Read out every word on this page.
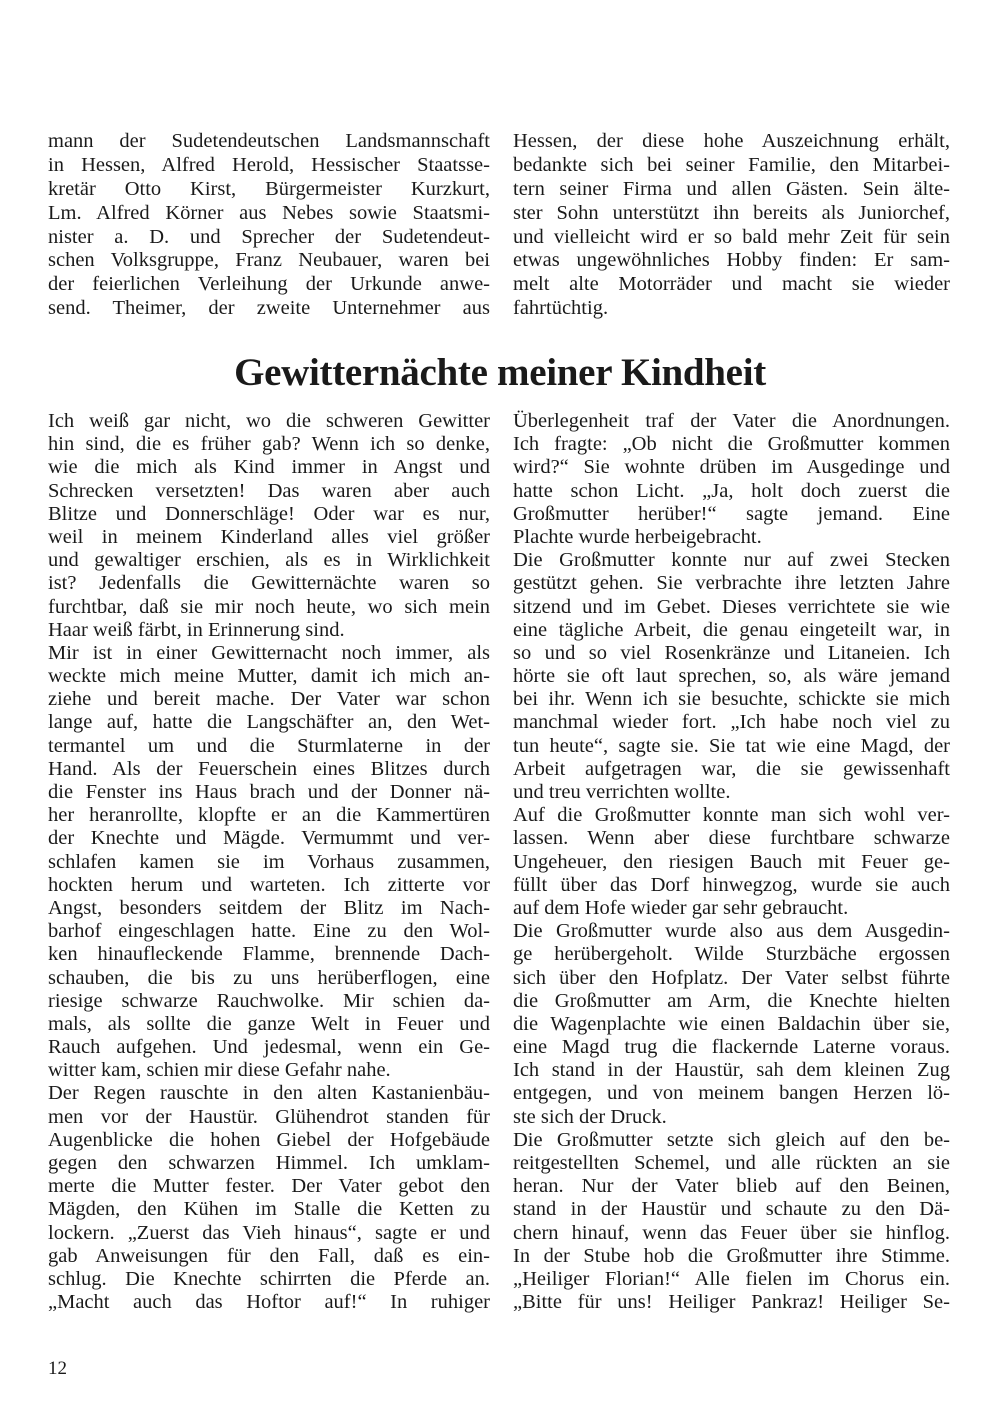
mann der Sudetendeutschen Landsmannschaft
in Hessen, Alfred Herold, Hessischer Staatsse-
kretär Otto Kirst, Bürgermeister Kurzkurt,
Lm. Alfred Körner aus Nebes sowie Staatsmi-
nister a. D. und Sprecher der Sudetendeut-
schen Volksgruppe, Franz Neubauer, waren bei
der feierlichen Verleihung der Urkunde anwe-
send. Theimer, der zweite Unternehmer aus
Hessen, der diese hohe Auszeichnung erhält,
bedankte sich bei seiner Familie, den Mitarbei-
tern seiner Firma und allen Gästen. Sein älte-
ster Sohn unterstützt ihn bereits als Juniorchef,
und vielleicht wird er so bald mehr Zeit für sein
etwas ungewöhnliches Hobby finden: Er sam-
melt alte Motorräder und macht sie wieder
fahrtüchtig.
Gewitternächte meiner Kindheit
Ich weiß gar nicht, wo die schweren Gewitter
hin sind, die es früher gab? Wenn ich so denke,
wie die mich als Kind immer in Angst und
Schrecken versetzten! Das waren aber auch
Blitze und Donnerschläge! Oder war es nur,
weil in meinem Kinderland alles viel größer
und gewaltiger erschien, als es in Wirklichkeit
ist? Jedenfalls die Gewitternächte waren so
furchtbar, daß sie mir noch heute, wo sich mein
Haar weiß färbt, in Erinnerung sind.
Mir ist in einer Gewitternacht noch immer, als
weckte mich meine Mutter, damit ich mich an-
ziehe und bereit mache. Der Vater war schon
lange auf, hatte die Langschäfter an, den Wet-
termantel um und die Sturmlaterne in der
Hand. Als der Feuerschein eines Blitzes durch
die Fenster ins Haus brach und der Donner nä-
her heranrollte, klopfte er an die Kammertüren
der Knechte und Mägde. Vermummt und ver-
schlafen kamen sie im Vorhaus zusammen,
hockten herum und warteten. Ich zitterte vor
Angst, besonders seitdem der Blitz im Nach-
barhof eingeschlagen hatte. Eine zu den Wol-
ken hinaufleckende Flamme, brennende Dach-
schauben, die bis zu uns herüberflogen, eine
riesige schwarze Rauchwolke. Mir schien da-
mals, als sollte die ganze Welt in Feuer und
Rauch aufgehen. Und jedesmal, wenn ein Ge-
witter kam, schien mir diese Gefahr nahe.
Der Regen rauschte in den alten Kastanienbäu-
men vor der Haustür. Glühendrot standen für
Augenblicke die hohen Giebel der Hofgebäude
gegen den schwarzen Himmel. Ich umklam-
merte die Mutter fester. Der Vater gebot den
Mägden, den Kühen im Stalle die Ketten zu
lockern. „Zuerst das Vieh hinaus“, sagte er und
gab Anweisungen für den Fall, daß es ein-
schlug. Die Knechte schirrten die Pferde an.
„Macht auch das Hoftor auf!“ In ruhiger
Überlegenheit traf der Vater die Anordnungen.
Ich fragte: „Ob nicht die Großmutter kommen
wird?“ Sie wohnte drüben im Ausgedinge und
hatte schon Licht. „Ja, holt doch zuerst die
Großmutter herüber!“ sagte jemand. Eine
Plachte wurde herbeigebracht.
Die Großmutter konnte nur auf zwei Stecken
gestützt gehen. Sie verbrachte ihre letzten Jahre
sitzend und im Gebet. Dieses verrichtete sie wie
eine tägliche Arbeit, die genau eingeteilt war, in
so und so viel Rosenkränze und Litaneien. Ich
hörte sie oft laut sprechen, so, als wäre jemand
bei ihr. Wenn ich sie besuchte, schickte sie mich
manchmal wieder fort. „Ich habe noch viel zu
tun heute“, sagte sie. Sie tat wie eine Magd, der
Arbeit aufgetragen war, die sie gewissenhaft
und treu verrichten wollte.
Auf die Großmutter konnte man sich wohl ver-
lassen. Wenn aber diese furchtbare schwarze
Ungeheuer, den riesigen Bauch mit Feuer ge-
füllt über das Dorf hinwegzog, wurde sie auch
auf dem Hofe wieder gar sehr gebraucht.
Die Großmutter wurde also aus dem Ausgedin-
ge herübergeholt. Wilde Sturzbäche ergossen
sich über den Hofplatz. Der Vater selbst führte
die Großmutter am Arm, die Knechte hielten
die Wagenplachte wie einen Baldachin über sie,
eine Magd trug die flackernde Laterne voraus.
Ich stand in der Haustür, sah dem kleinen Zug
entgegen, und von meinem bangen Herzen lö-
ste sich der Druck.
Die Großmutter setzte sich gleich auf den be-
reitgestellten Schemel, und alle rückten an sie
heran. Nur der Vater blieb auf den Beinen,
stand in der Haustür und schaute zu den Dä-
chern hinauf, wenn das Feuer über sie hinflog.
In der Stube hob die Großmutter ihre Stimme.
„Heiliger Florian!“ Alle fielen im Chorus ein.
„Bitte für uns! Heiliger Pankraz! Heiliger Se-
12
